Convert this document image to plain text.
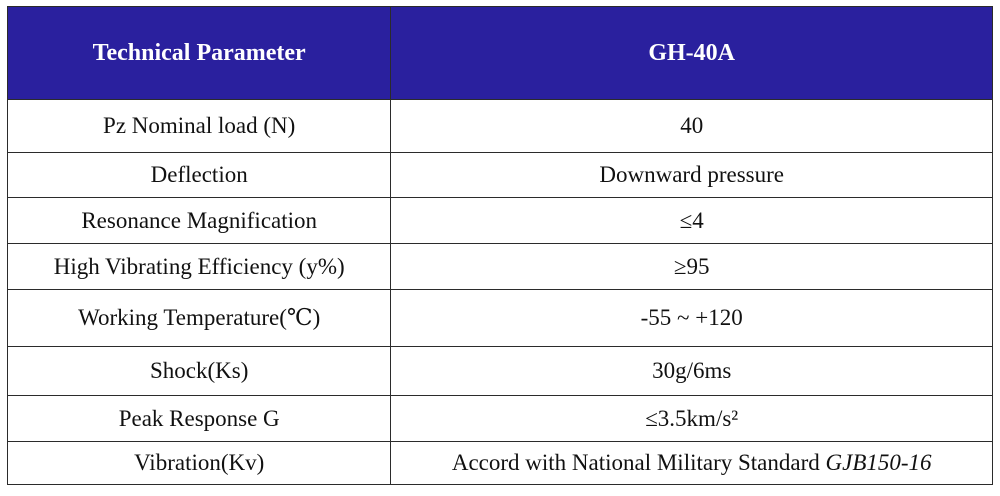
Technical Parameter	GH-40A
Pz Nominal load (N)	40
Deflection	Downward pressure
Resonance Magnification	≤4
High Vibrating Efficiency (y%)	≥95
Working Temperature(℃)	-55 ~ +120
Shock(Ks)	30g/6ms
Peak Response G	≤3.5km/s²
Vibration(Kv)	Accord with National Military Standard GJB150-16
